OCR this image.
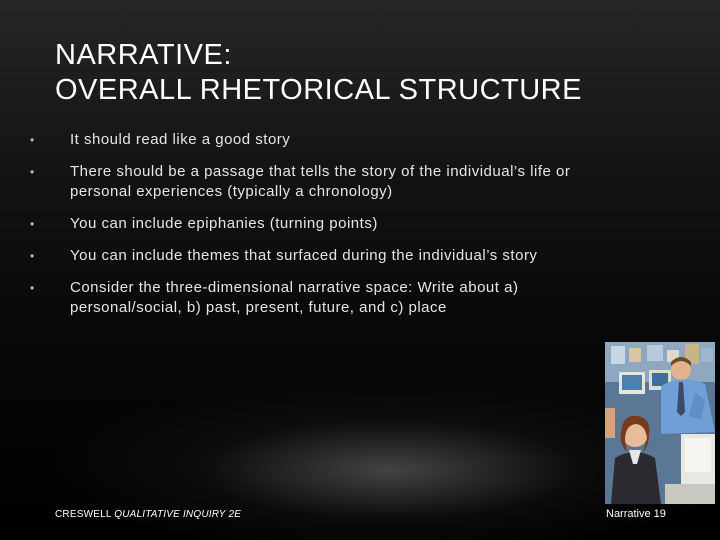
NARRATIVE:
OVERALL RHETORICAL STRUCTURE
• It should read like a good story
• There should be a passage that tells the story of the individual’s life or personal experiences (typically a chronology)
• You can include epiphanies (turning points)
• You can include themes that surfaced during the individual’s story
• Consider the three-dimensional narrative space: Write about a) personal/social, b) past, present, future, and c) place
CRESWELL QUALITATIVE INQUIRY 2E	Narrative 19
